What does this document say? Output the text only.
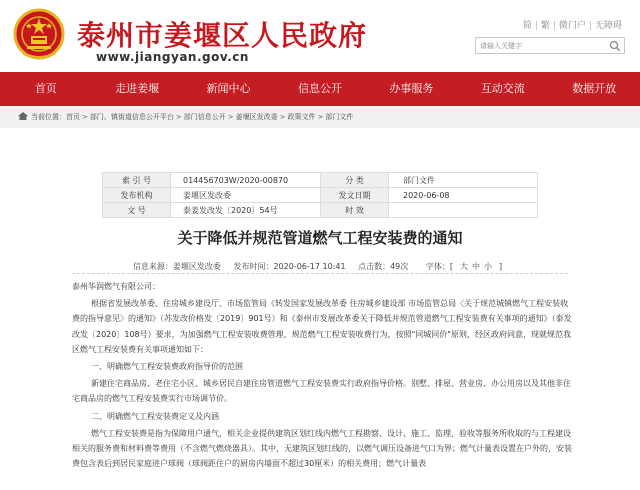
泰州市姜堰区人民政府
www.jiangyan.gov.cn
简 | 繁 | 微门户 | 无障碍
请输入关键字
首页	走进姜堰	新闻中心	信息公开	办事服务	互动交流	数据开放
当前位置：首页 > 部门、镇街道信息公开平台 > 部门信息公开 > 姜堰区发改委 > 政策文件 > 部门文件
索 引 号	014456703W/2020-00870	分 类	部门文件
发布机构	姜堰区发改委	发文日期	2020-06-08
文 号	泰姜发改发〔2020〕54号	时 效	
关于降低并规范管道燃气工程安装费的通知
信息来源：姜堰区发改委 发布时间：2020-06-17 10:41 点击数：49次 字体：[ 大 中 小 ]

泰州华润燃气有限公司：

根据省发展改革委、住房城乡建设厅、市场监管局《转发国家发展改革委 住房城乡建设部 市场监管总局〈关于规范城镇燃气工程安装收费的指导意见〉的通知》（苏发改价格发〔2019〕901号）和《泰州市发展改革委关于降低并规范管道燃气工程安装费有关事项的通知》（泰发改发〔2020〕108号）要求，为加强燃气工程安装收费管理，规范燃气工程安装收费行为，按照"同城同价"原则，经区政府同意，现就规范我区燃气工程安装费有关事项通知如下：

一、明确燃气工程安装费政府指导价的范围

新建住宅商品房、老住宅小区、城乡居民自建住房管道燃气工程安装费实行政府指导价格。别墅、排屋、营业房、办公用房以及其他非住宅商品房的燃气工程安装费实行市场调节价。

二、明确燃气工程安装费定义及内涵

燃气工程安装费是指为保障用户通气，相关企业提供建筑区划红线内燃气工程勘察、设计、施工、监理、验收等服务所收取的与工程建设相关的服务费和材料费等费用（不含燃气燃烧器具）。其中，无建筑区划红线的，以燃气调压设备进气口为界；燃气计量表设置在户外的，安装费包含表后到居民家庭进户球阀（球阀距住户的厨房内墙面不超过30厘米）的相关费用；燃气计量表
